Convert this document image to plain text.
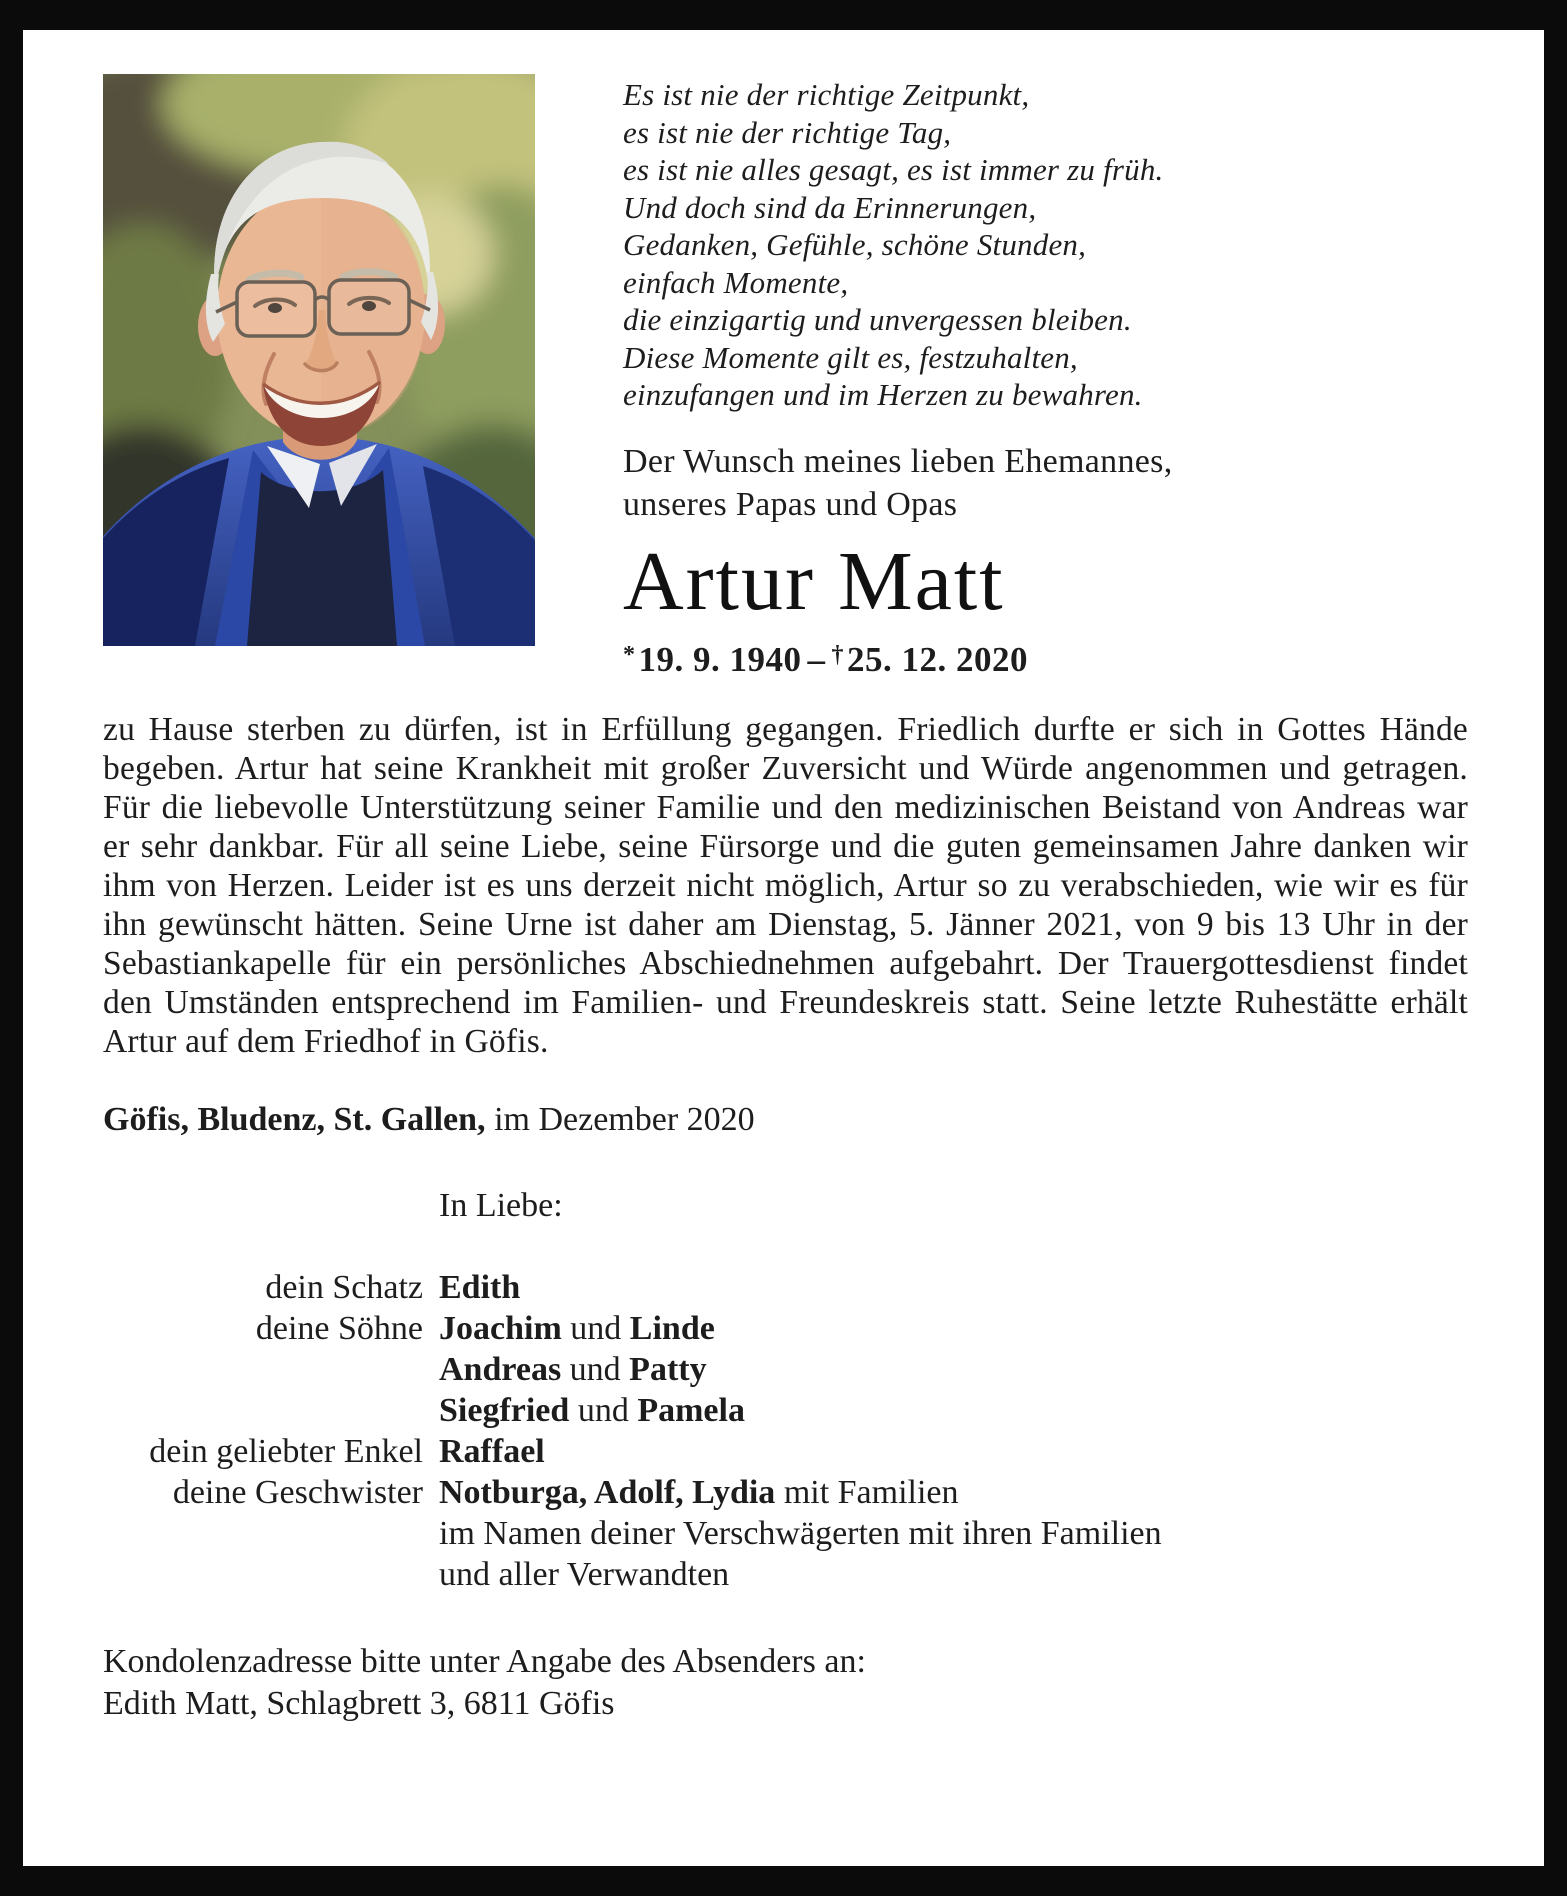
Es ist nie der richtige Zeitpunkt,
es ist nie der richtige Tag,
es ist nie alles gesagt, es ist immer zu früh.
Und doch sind da Erinnerungen,
Gedanken, Gefühle, schöne Stunden,
einfach Momente,
die einzigartig und unvergessen bleiben.
Diese Momente gilt es, festzuhalten,
einzufangen und im Herzen zu bewahren.
Der Wunsch meines lieben Ehemannes,
unseres Papas und Opas
Artur Matt
*19. 9. 1940 – †25. 12. 2020

zu Hause sterben zu dürfen, ist in Erfüllung gegangen. Friedlich durfte er sich in Gottes Hände begeben. Artur hat seine Krankheit mit großer Zuversicht und Würde angenommen und getragen. Für die liebevolle Unterstützung seiner Familie und den medizinischen Beistand von Andreas war er sehr dankbar. Für all seine Liebe, seine Fürsorge und die guten gemeinsamen Jahre danken wir ihm von Herzen. Leider ist es uns derzeit nicht möglich, Artur so zu verabschieden, wie wir es für ihn gewünscht hätten. Seine Urne ist daher am Dienstag, 5. Jänner 2021, von 9 bis 13 Uhr in der Sebastiankapelle für ein persönliches Abschiednehmen aufgebahrt. Der Trauergottesdienst findet den Umständen entsprechend im Familien- und Freundeskreis statt. Seine letzte Ruhestätte erhält Artur auf dem Friedhof in Göfis.

Göfis, Bludenz, St. Gallen, im Dezember 2020

In Liebe:
dein Schatz Edith
deine Söhne Joachim und Linde
Andreas und Patty
Siegfried und Pamela
dein geliebter Enkel Raffael
deine Geschwister Notburga, Adolf, Lydia mit Familien
im Namen deiner Verschwägerten mit ihren Familien
und aller Verwandten
Kondolenzadresse bitte unter Angabe des Absenders an:
Edith Matt, Schlagbrett 3, 6811 Göfis
